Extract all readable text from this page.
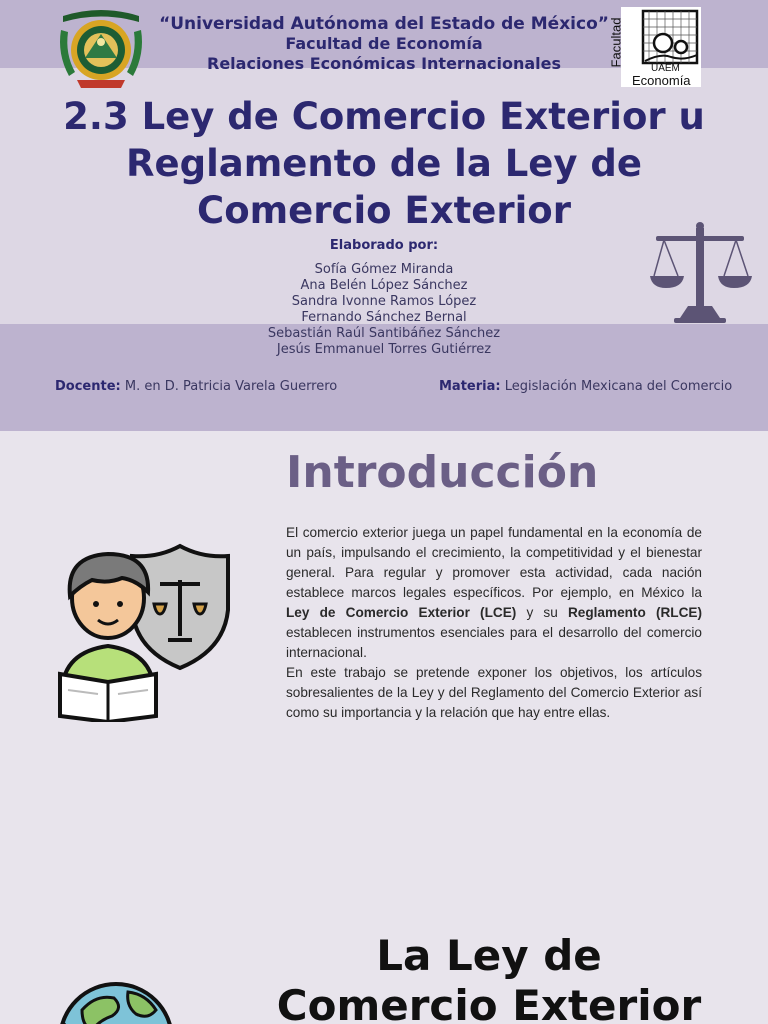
Facultad
UAEM
Economía
“Universidad Autónoma del Estado de México”
Facultad de Economía
Relaciones Económicas Internacionales
2.3 Ley de Comercio Exterior u
Reglamento de la Ley de
Comercio Exterior
Elaborado por:
Sofía Gómez Miranda
Ana Belén López Sánchez
Sandra Ivonne Ramos López
Fernando Sánchez Bernal
Sebastián Raúl Santibáñez Sánchez
Jesús Emmanuel Torres Gutiérrez
Docente: M. en D. Patricia Varela Guerrero	Materia: Legislación Mexicana del Comercio
Introducción

El comercio exterior juega un papel fundamental en la economía de un país, impulsando el crecimiento, la competitividad y el bienestar general. Para regular y promover esta actividad, cada nación establece marcos legales específicos. Por ejemplo, en México la Ley de Comercio Exterior (LCE) y su Reglamento (RLCE) establecen instrumentos esenciales para el desarrollo del comercio internacional.

En este trabajo se pretende exponer los objetivos, los artículos sobresalientes de la Ley y del Reglamento del Comercio Exterior así como su importancia y la relación que hay entre ellas.

La Ley de
Comercio Exterior
